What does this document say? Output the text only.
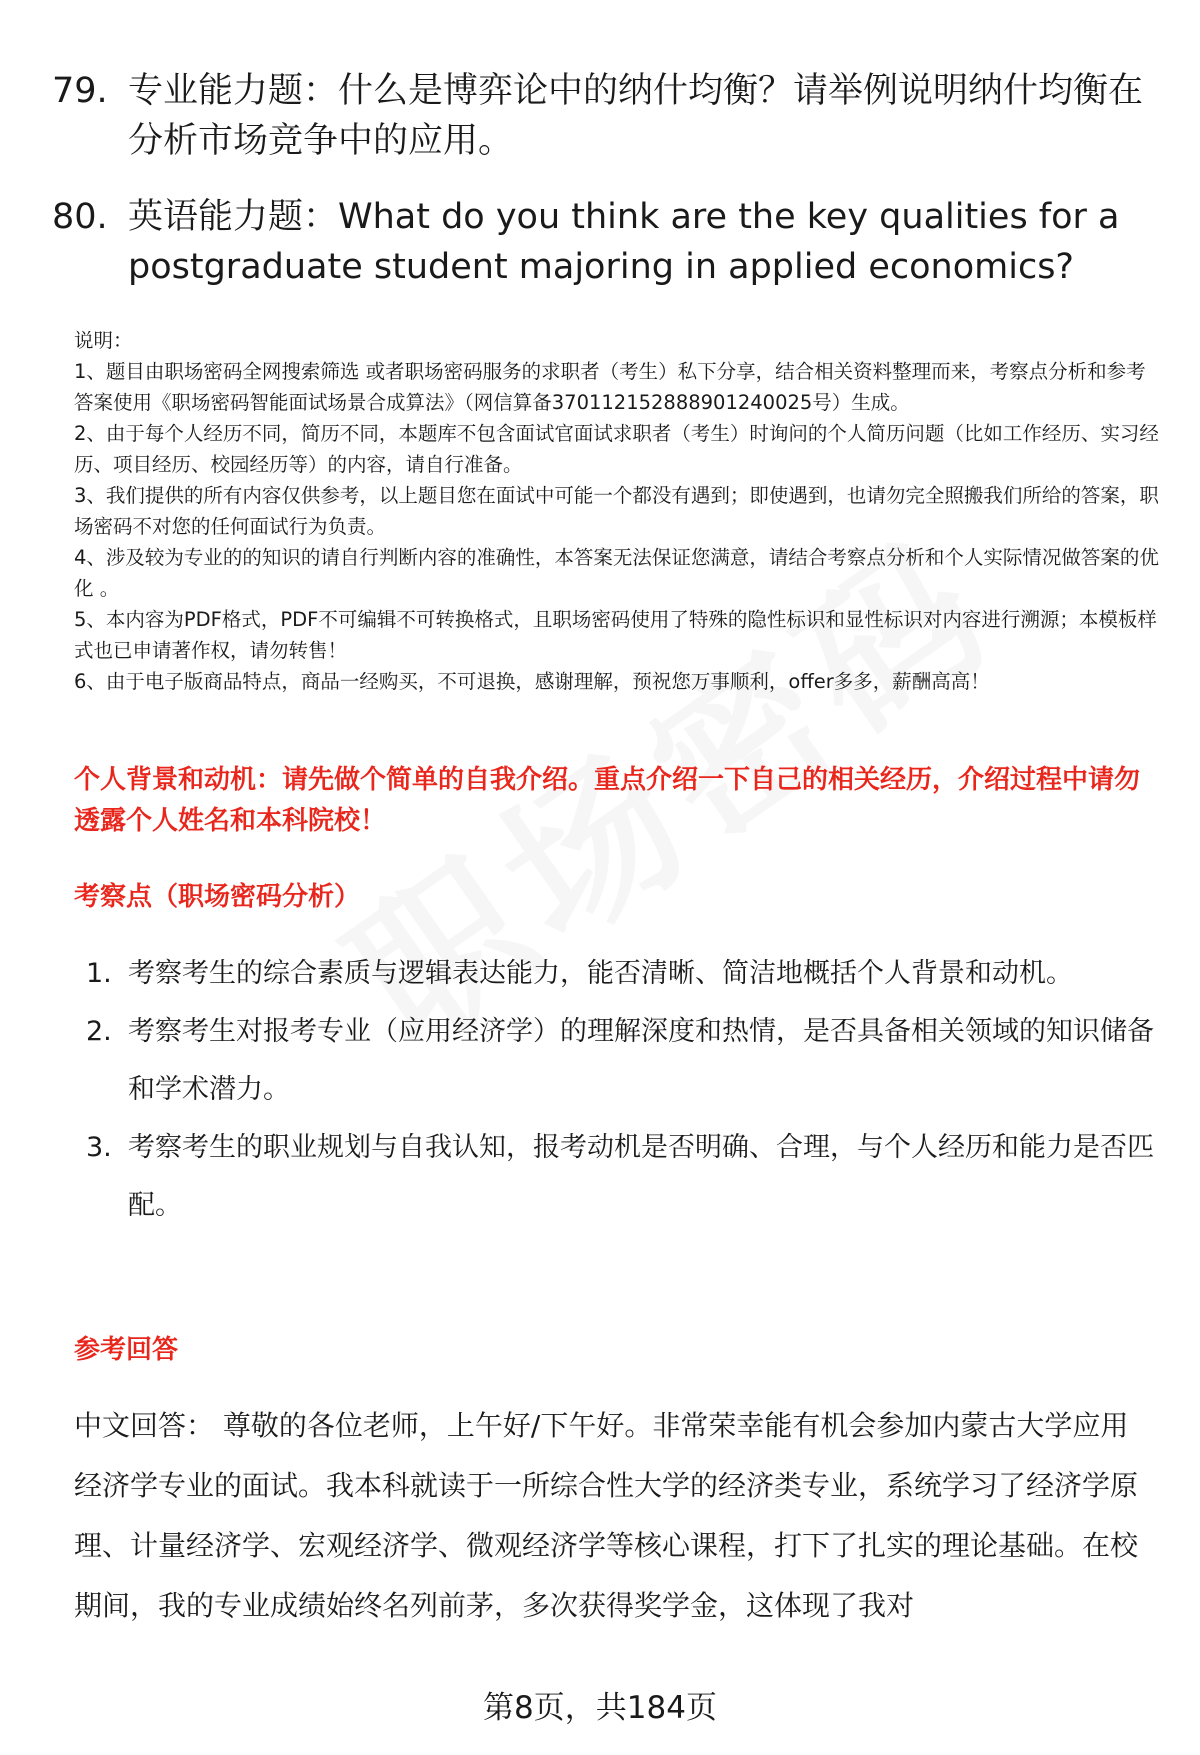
79. 专业能力题：什么是博弈论中的纳什均衡？请举例说明纳什均衡在分析市场竞争中的应用。
80. 英语能力题：What do you think are the key qualities for a postgraduate student majoring in applied economics?
说明：
1、题目由职场密码全网搜索筛选 或者职场密码服务的求职者（考生）私下分享，结合相关资料整理而来，考察点分析和参考答案使用《职场密码智能面试场景合成算法》（网信算备370112152888901240025号）生成。
2、由于每个人经历不同，简历不同，本题库不包含面试官面试求职者（考生）时询问的个人简历问题（比如工作经历、实习经历、项目经历、校园经历等）的内容，请自行准备。
3、我们提供的所有内容仅供参考，以上题目您在面试中可能一个都没有遇到；即使遇到，也请勿完全照搬我们所给的答案，职场密码不对您的任何面试行为负责。
4、涉及较为专业的的知识的请自行判断内容的准确性，本答案无法保证您满意，请结合考察点分析和个人实际情况做答案的优化 。
5、本内容为PDF格式，PDF不可编辑不可转换格式，且职场密码使用了特殊的隐性标识和显性标识对内容进行溯源；本模板样式也已申请著作权，请勿转售！
6、由于电子版商品特点，商品一经购买，不可退换，感谢理解，预祝您万事顺利，offer多多，薪酬高高！
个人背景和动机：请先做个简单的自我介绍。重点介绍一下自己的相关经历，介绍过程中请勿透露个人姓名和本科院校！
考察点（职场密码分析）
1. 考察考生的综合素质与逻辑表达能力，能否清晰、简洁地概括个人背景和动机。
2. 考察考生对报考专业（应用经济学）的理解深度和热情，是否具备相关领域的知识储备和学术潜力。
3. 考察考生的职业规划与自我认知，报考动机是否明确、合理，与个人经历和能力是否匹配。
参考回答
中文回答： 尊敬的各位老师，上午好/下午好。非常荣幸能有机会参加内蒙古大学应用经济学专业的面试。我本科就读于一所综合性大学的经济类专业，系统学习了经济学原理、计量经济学、宏观经济学、微观经济学等核心课程，打下了扎实的理论基础。在校期间，我的专业成绩始终名列前茅，多次获得奖学金，这体现了我对
第8页，共184页
